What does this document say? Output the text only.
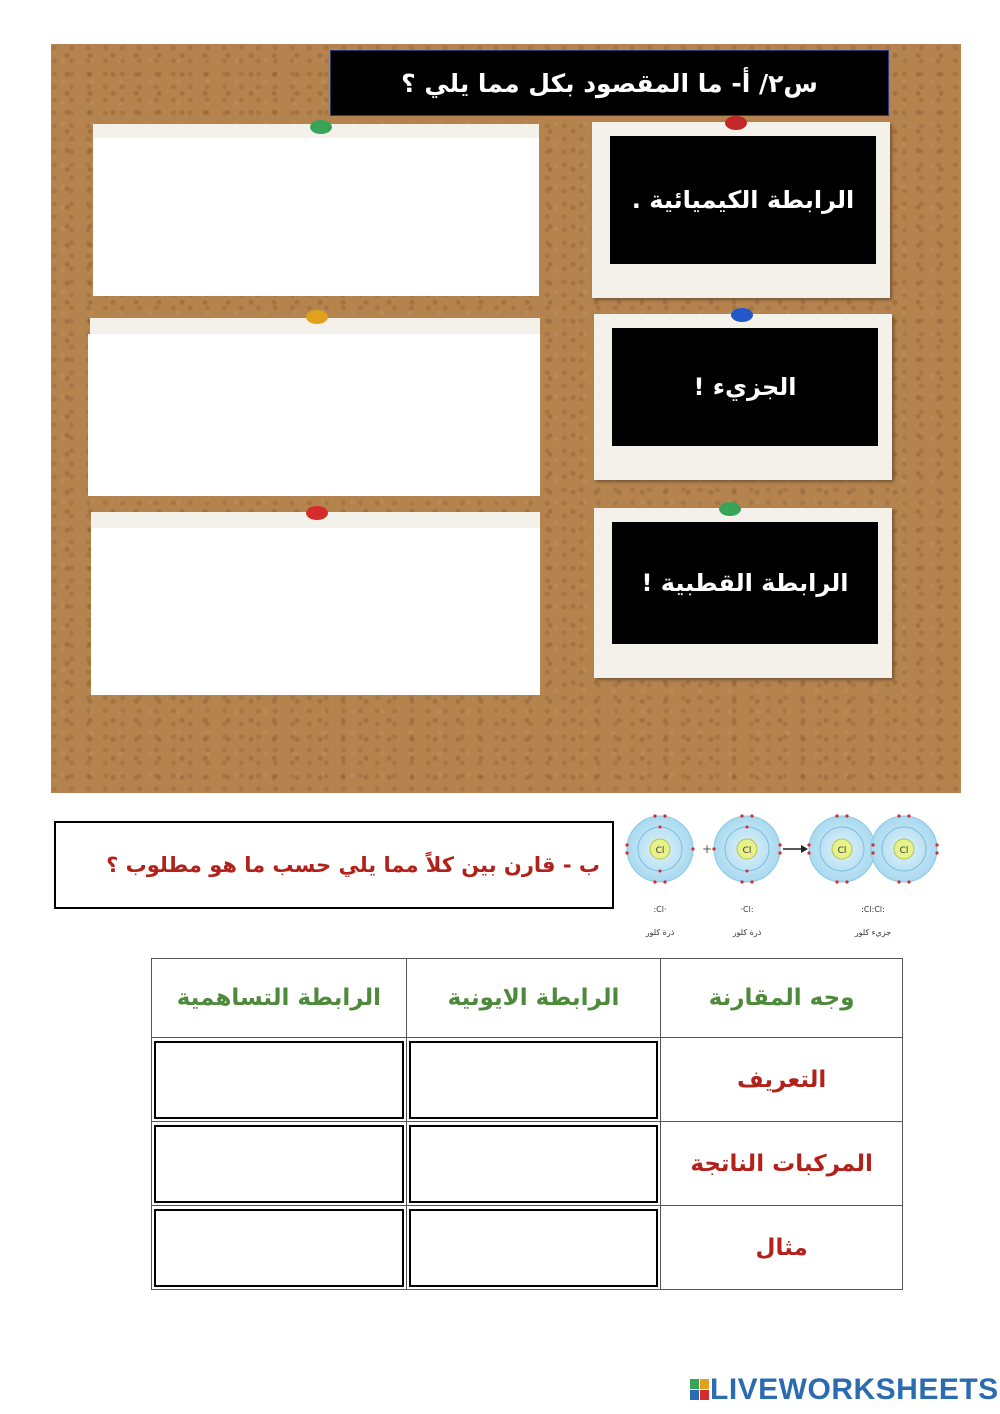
س٢/ أ- ما المقصود بكل مما يلي ؟
الرابطة الكيميائية .
الجزيء !
الرابطة القطبية !
ب - قارن بين كلاً مما يلي حسب ما هو مطلوب ؟
Cl	+	Cl	Cl	Cl
:Cl·	·Cl:	:Cl:Cl:
ذرة كلور	ذرة كلور	جزيء كلور
وجه المقارنة	الرابطة الايونية	الرابطة التساهمية
التعريف	

المركبات الناتجة	

مثال	

LIVEWORKSHEETS
